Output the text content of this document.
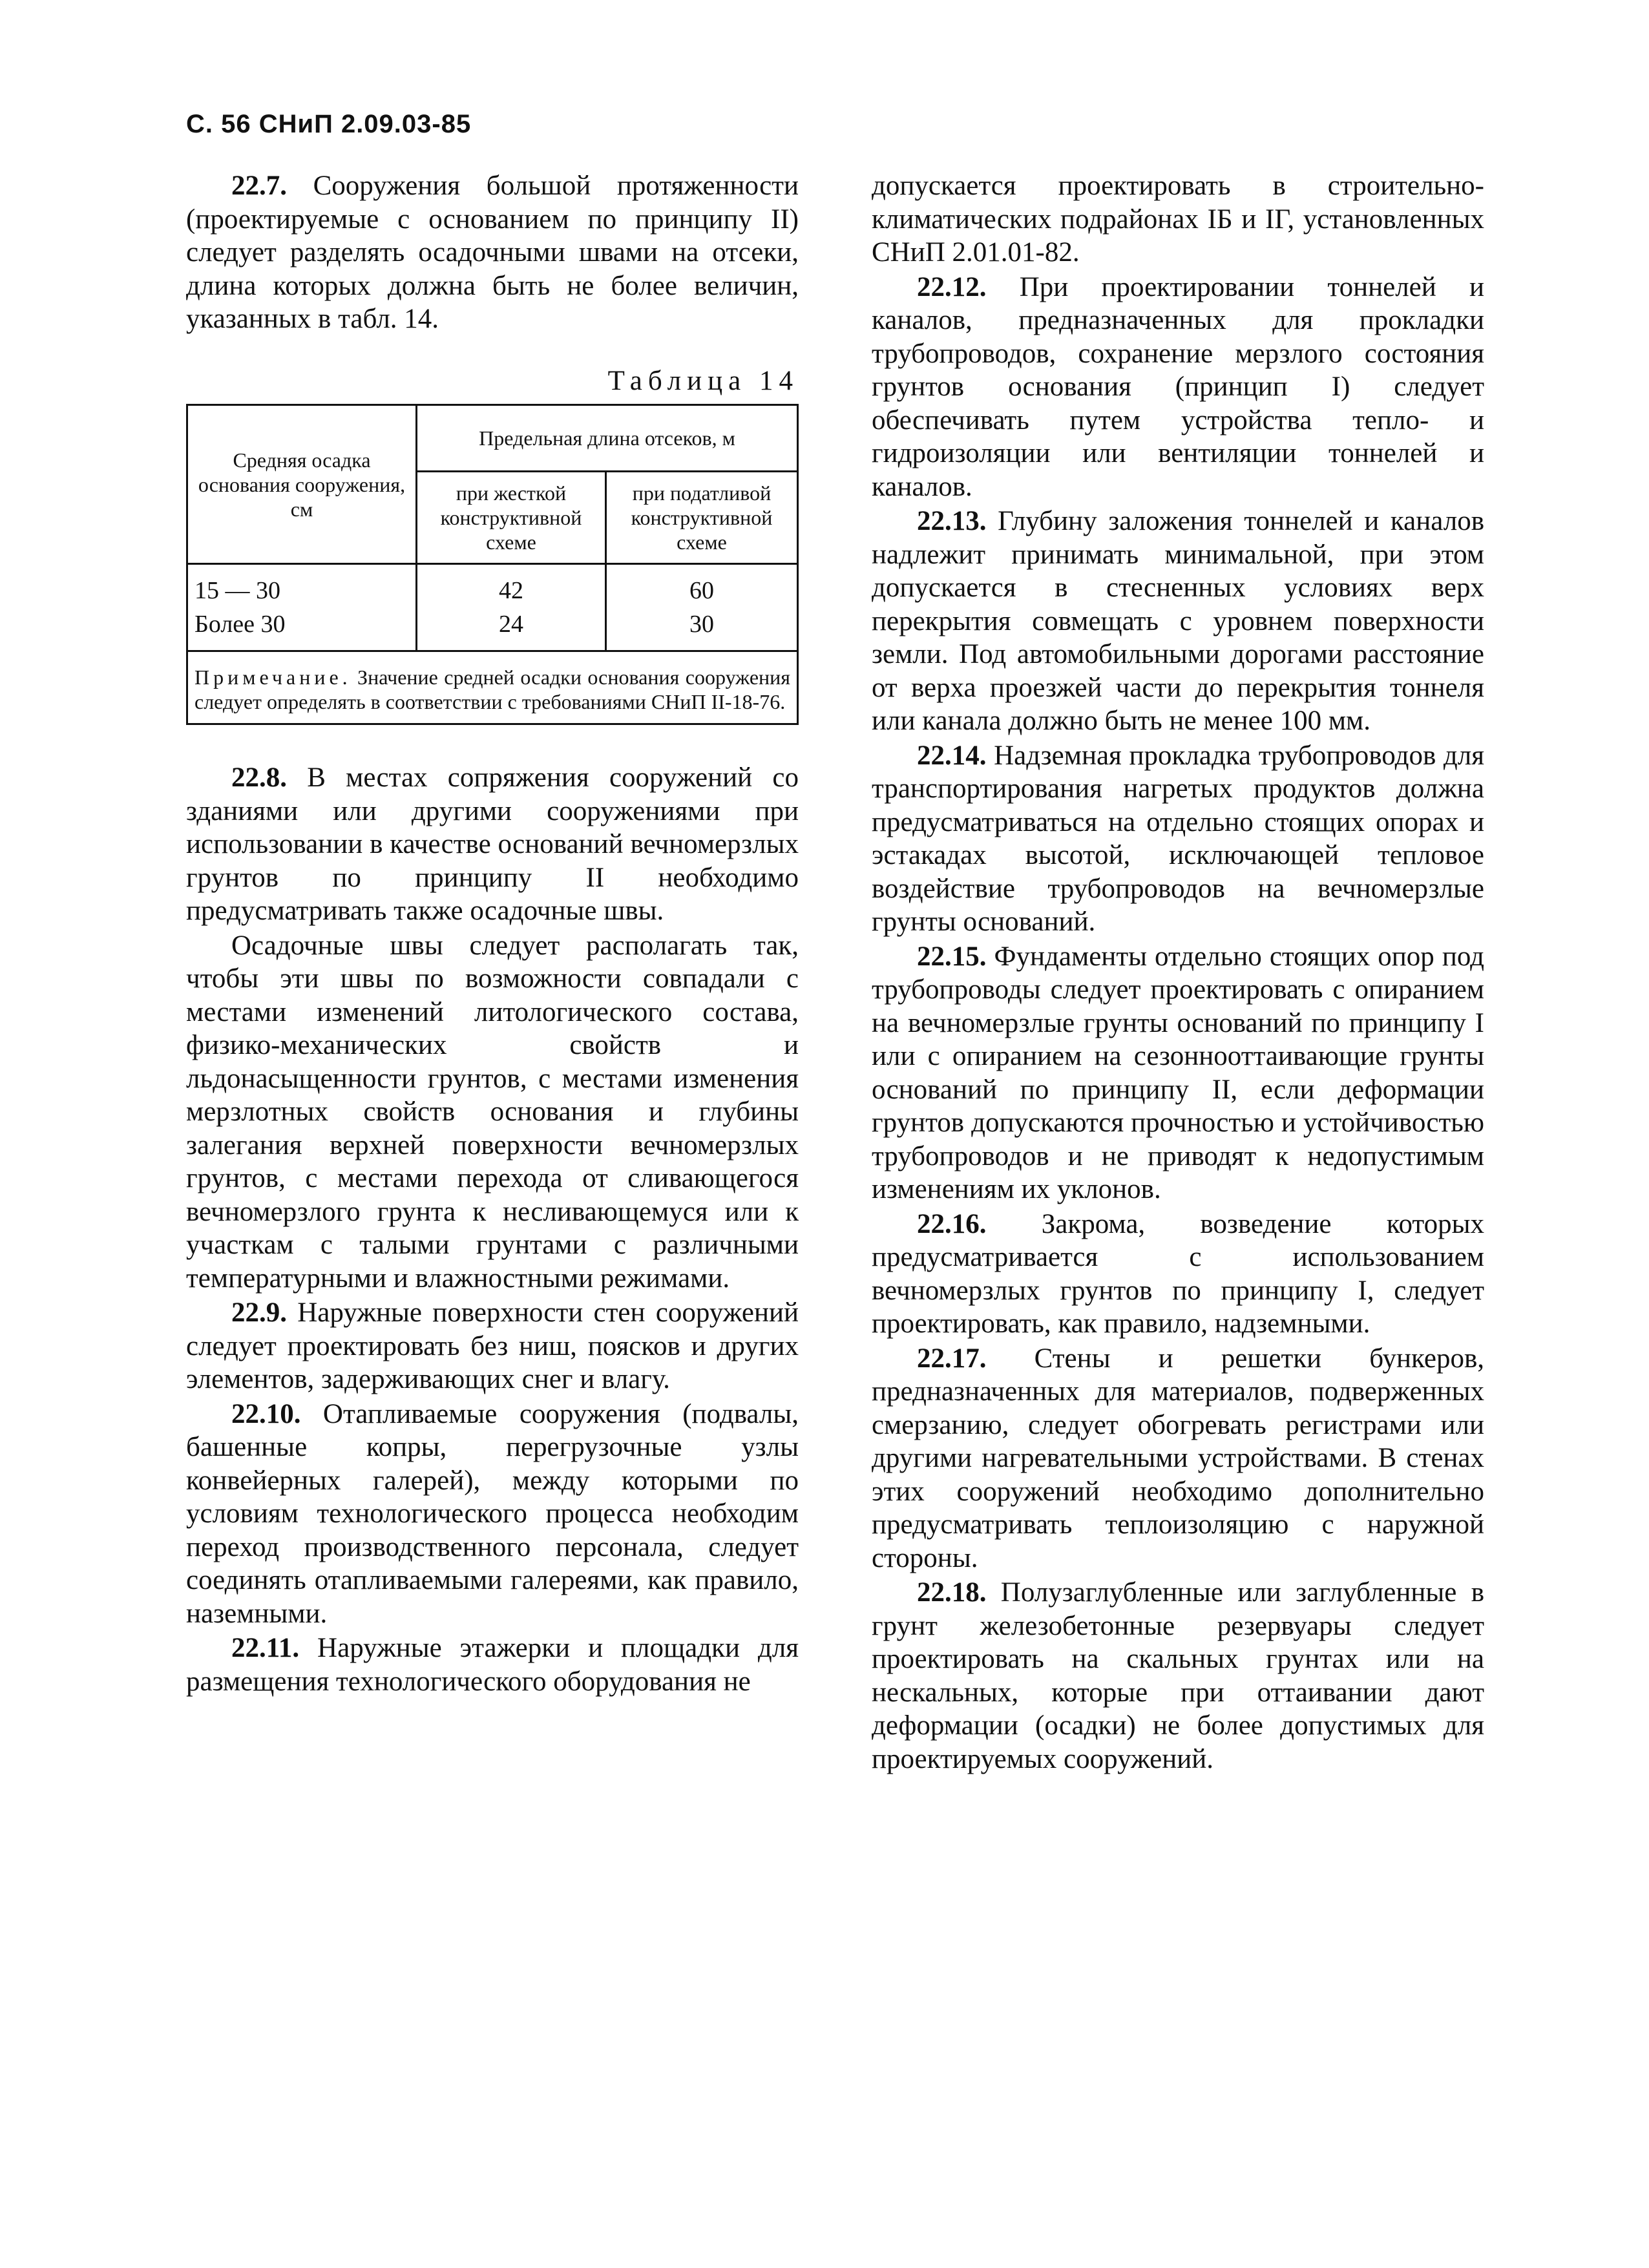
С. 56 СНиП 2.09.03-85

22.7. Сооружения большой протяженности (проектируемые с основанием по принципу II) следует разделять осадочными швами на отсеки, длина которых должна быть не более величин, указанных в табл. 14.

Таблица 14
Средняя осадка основания сооружения, см	Предельная длина отсеков, м	
	при жесткой конструктивной схеме	при податливой конструктивной схеме
15 — 30	42	60
Более 30	24	30
Примечание. Значение средней осадки основания сооружения следует определять в соответствии с требованиями СНиП II-18-76.		

22.8. В местах сопряжения сооружений со зданиями или другими сооружениями при использовании в качестве оснований вечномерзлых грунтов по принципу II необходимо предусматривать также осадочные швы.

Осадочные швы следует располагать так, чтобы эти швы по возможности совпадали с местами изменений литологического состава, физико-механических свойств и льдонасыщенности грунтов, с местами изменения мерзлотных свойств основания и глубины залегания верхней поверхности вечномерзлых грунтов, с местами перехода от сливающегося вечномерзлого грунта к несливающемуся или к участкам с талыми грунтами с различными температурными и влажностными режимами.

22.9. Наружные поверхности стен сооружений следует проектировать без ниш, поясков и других элементов, задерживающих снег и влагу.

22.10. Отапливаемые сооружения (подвалы, башенные копры, перегрузочные узлы конвейерных галерей), между которыми по условиям технологического процесса необходим переход производственного персонала, следует соединять отапливаемыми галереями, как правило, наземными.

22.11. Наружные этажерки и площадки для размещения технологического оборудования не

допускается проектировать в строительно-климатических подрайонах IБ и IГ, установленных СНиП 2.01.01-82.

22.12. При проектировании тоннелей и каналов, предназначенных для прокладки трубопроводов, сохранение мерзлого состояния грунтов основания (принцип I) следует обеспечивать путем устройства тепло- и гидроизоляции или вентиляции тоннелей и каналов.

22.13. Глубину заложения тоннелей и каналов надлежит принимать минимальной, при этом допускается в стесненных условиях верх перекрытия совмещать с уровнем поверхности земли. Под автомобильными дорогами расстояние от верха проезжей части до перекрытия тоннеля или канала должно быть не менее 100 мм.

22.14. Надземная прокладка трубопроводов для транспортирования нагретых продуктов должна предусматриваться на отдельно стоящих опорах и эстакадах высотой, исключающей тепловое воздействие трубопроводов на вечномерзлые грунты оснований.

22.15. Фундаменты отдельно стоящих опор под трубопроводы следует проектировать с опиранием на вечномерзлые грунты оснований по принципу I или с опиранием на сезоннооттаивающие грунты оснований по принципу II, если деформации грунтов допускаются прочностью и устойчивостью трубопроводов и не приводят к недопустимым изменениям их уклонов.

22.16. Закрома, возведение которых предусматривается с использованием вечномерзлых грунтов по принципу I, следует проектировать, как правило, надземными.

22.17. Стены и решетки бункеров, предназначенных для материалов, подверженных смерзанию, следует обогревать регистрами или другими нагревательными устройствами. В стенах этих сооружений необходимо дополнительно предусматривать теплоизоляцию с наружной стороны.

22.18. Полузаглубленные или заглубленные в грунт железобетонные резервуары следует проектировать на скальных грунтах или на нескальных, которые при оттаивании дают деформации (осадки) не более допустимых для проектируемых сооружений.
